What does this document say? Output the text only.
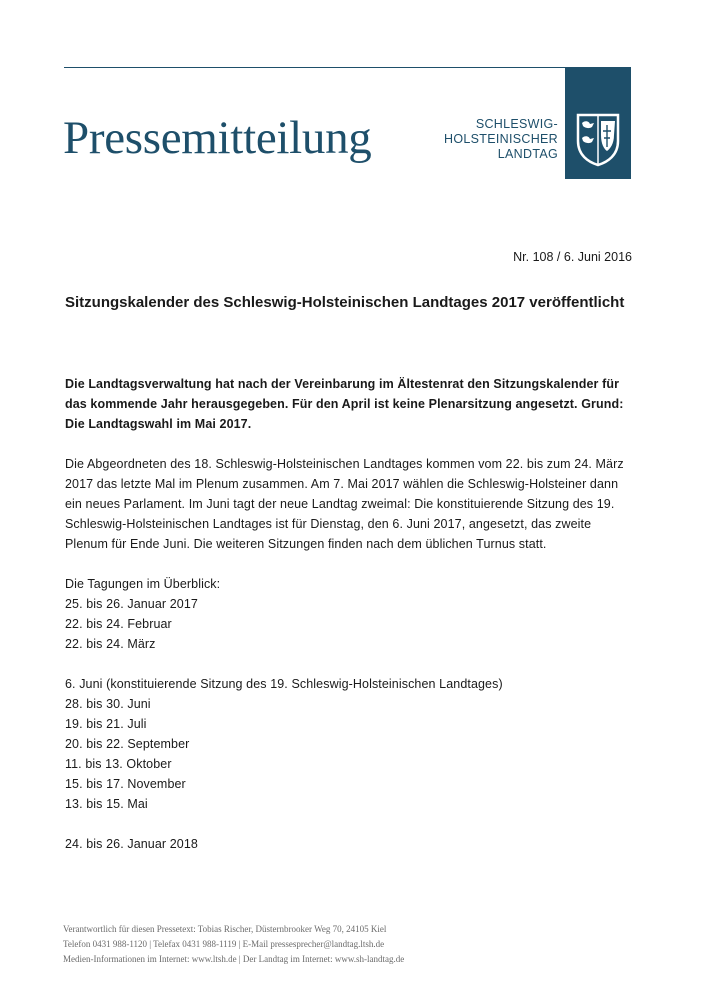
Pressemitteilung	SCHLESWIG-
HOLSTEINISCHER
LANDTAG
Nr. 108 / 6. Juni 2016
Sitzungskalender des Schleswig-Holsteinischen Landtages 2017 veröffentlicht

Die Landtagsverwaltung hat nach der Vereinbarung im Ältestenrat den Sitzungskalender für das kommende Jahr herausgegeben. Für den April ist keine Plenarsitzung angesetzt. Grund: Die Landtagswahl im Mai 2017.

Die Abgeordneten des 18. Schleswig-Holsteinischen Landtages kommen vom 22. bis zum 24. März 2017 das letzte Mal im Plenum zusammen. Am 7. Mai 2017 wählen die Schleswig-Holsteiner dann ein neues Parlament. Im Juni tagt der neue Landtag zweimal: Die konstituierende Sitzung des 19. Schleswig-Holsteinischen Landtages ist für Dienstag, den 6. Juni 2017, angesetzt, das zweite Plenum für Ende Juni. Die weiteren Sitzungen finden nach dem üblichen Turnus statt.

Die Tagungen im Überblick:

25. bis 26. Januar 2017
22. bis 24. Februar
22. bis 24. März
6. Juni (konstituierende Sitzung des 19. Schleswig-Holsteinischen Landtages)
28. bis 30. Juni
19. bis 21. Juli
20. bis 22. September
11. bis 13. Oktober
15. bis 17. November
13. bis 15. Mai
24. bis 26. Januar 2018
Verantwortlich für diesen Pressetext: Tobias Rischer, Düsternbrooker Weg 70, 24105 Kiel
Telefon 0431 988-1120 | Telefax 0431 988-1119 | E-Mail pressesprecher@landtag.ltsh.de
Medien-Informationen im Internet: www.ltsh.de | Der Landtag im Internet: www.sh-landtag.de
